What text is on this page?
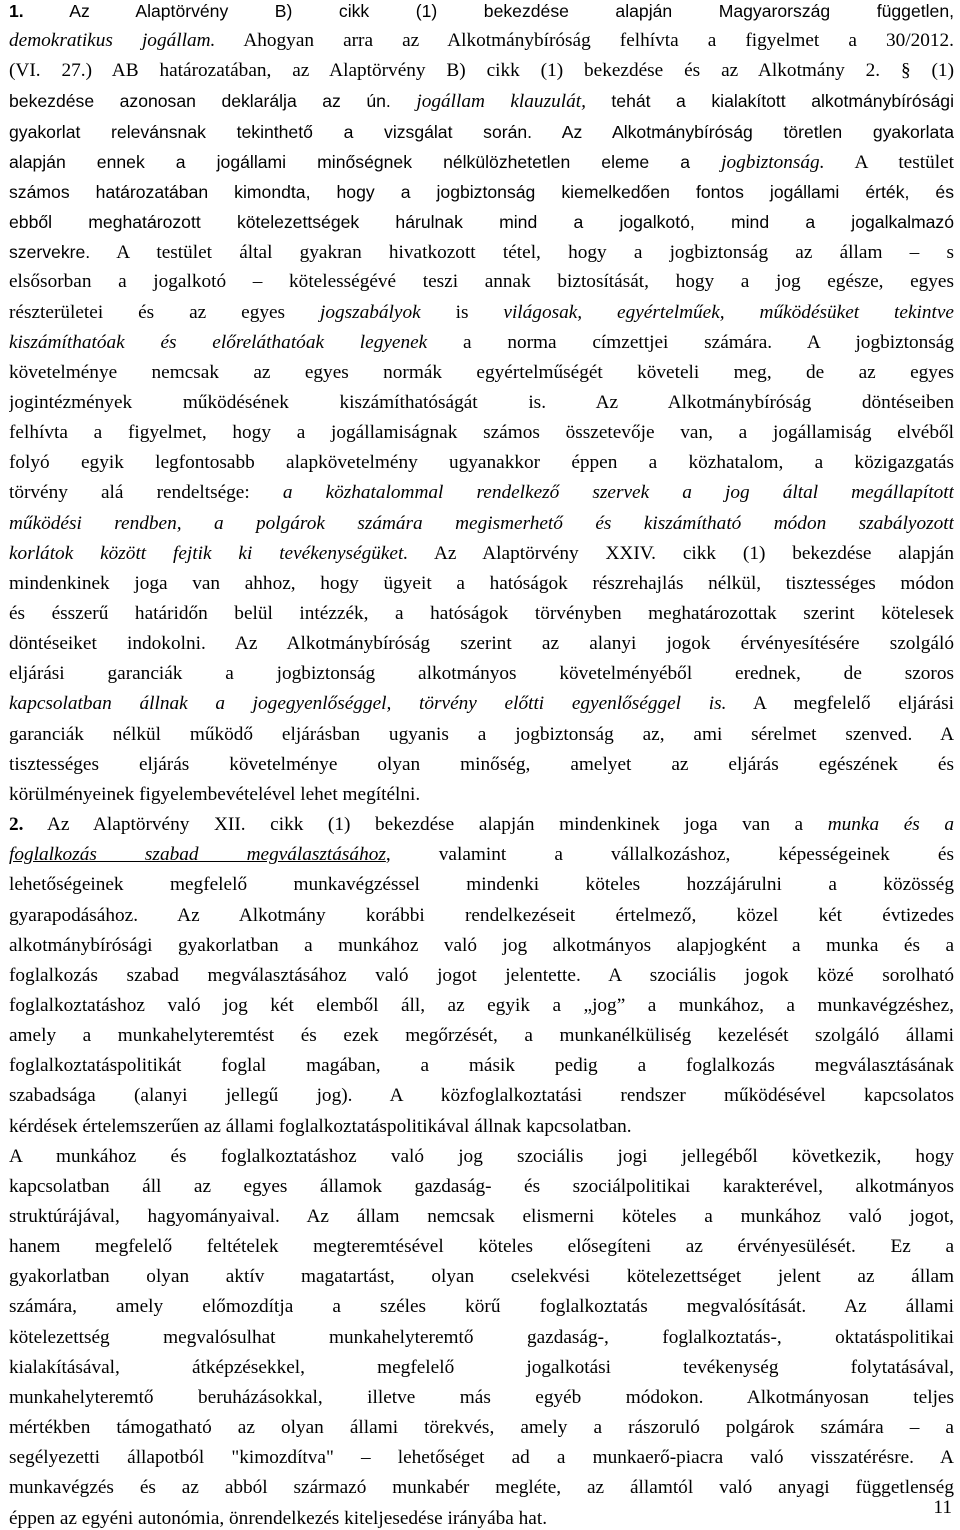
1. Az Alaptörvény B) cikk (1) bekezdése alapján Magyarország független,
demokratikus jogállam. Ahogyan arra az Alkotmánybíróság felhívta a figyelmet a 30/2012.
(VI. 27.) AB határozatában, az Alaptörvény B) cikk (1) bekezdése és az Alkotmány 2. § (1)
bekezdése azonosan deklarálja az ún. jogállam klauzulát, tehát a kialakított alkotmánybírósági
gyakorlat relevánsnak tekinthető a vizsgálat során. Az Alkotmánybíróság töretlen gyakorlata
alapján ennek a jogállami minőségnek nélkülözhetetlen eleme a jogbiztonság. A testület
számos határozatában kimondta, hogy a jogbiztonság kiemelkedően fontos jogállami érték, és
ebből meghatározott kötelezettségek hárulnak mind a jogalkotó, mind a jogalkalmazó
szervekre. A testület által gyakran hivatkozott tétel, hogy a jogbiztonság az állam – s
elsősorban a jogalkotó – kötelességévé teszi annak biztosítását, hogy a jog egésze, egyes
részterületei és az egyes jogszabályok is világosak, egyértelműek, működésüket tekintve
kiszámíthatóak és előreláthatóak legyenek a norma címzettjei számára. A jogbiztonság
követelménye nemcsak az egyes normák egyértelműségét követeli meg, de az egyes
jogintézmények működésének kiszámíthatóságát is. Az Alkotmánybíróság döntéseiben
felhívta a figyelmet, hogy a jogállamiságnak számos összetevője van, a jogállamiság elvéből
folyó egyik legfontosabb alapkövetelmény ugyanakkor éppen a közhatalom, a közigazgatás
törvény alá rendeltsége: a közhatalommal rendelkező szervek a jog által megállapított
működési rendben, a polgárok számára megismerhető és kiszámítható módon szabályozott
korlátok között fejtik ki tevékenységüket. Az Alaptörvény XXIV. cikk (1) bekezdése alapján
mindenkinek joga van ahhoz, hogy ügyeit a hatóságok részrehajlás nélkül, tisztességes módon
és ésszerű határidőn belül intézzék, a hatóságok törvényben meghatározottak szerint kötelesek
döntéseiket indokolni. Az Alkotmánybíróság szerint az alanyi jogok érvényesítésére szolgáló
eljárási garanciák a jogbiztonság alkotmányos követelményéből erednek, de szoros
kapcsolatban állnak a jogegyenlőséggel, törvény előtti egyenlőséggel is. A megfelelő eljárási
garanciák nélkül működő eljárásban ugyanis a jogbiztonság az, ami sérelmet szenved. A
tisztességes eljárás követelménye olyan minőség, amelyet az eljárás egészének és
körülményeinek figyelembevételével lehet megítélni.
2. Az Alaptörvény XII. cikk (1) bekezdése alapján mindenkinek joga van a munka és a
foglalkozás szabad megválasztásához, valamint a vállalkozáshoz, képességeinek és
lehetőségeinek megfelelő munkavégzéssel mindenki köteles hozzájárulni a közösség
gyarapodásához. Az Alkotmány korábbi rendelkezéseit értelmező, közel két évtizedes
alkotmánybírósági gyakorlatban a munkához való jog alkotmányos alapjogként a munka és a
foglalkozás szabad megválasztásához való jogot jelentette. A szociális jogok közé sorolható
foglalkoztatáshoz való jog két elemből áll, az egyik a „jog” a munkához, a munkavégzéshez,
amely a munkahelyteremtést és ezek megőrzését, a munkanélküliség kezelését szolgáló állami
foglalkoztatáspolitikát foglal magában, a másik pedig a foglalkozás megválasztásának
szabadsága (alanyi jellegű jog). A közfoglalkoztatási rendszer működésével kapcsolatos
kérdések értelemszerűen az állami foglalkoztatáspolitikával állnak kapcsolatban.
A munkához és foglalkoztatáshoz való jog szociális jogi jellegéből következik, hogy
kapcsolatban áll az egyes államok gazdaság- és szociálpolitikai karakterével, alkotmányos
struktúrájával, hagyományaival. Az állam nemcsak elismerni köteles a munkához való jogot,
hanem megfelelő feltételek megteremtésével köteles elősegíteni az érvényesülését. Ez a
gyakorlatban olyan aktív magatartást, olyan cselekvési kötelezettséget jelent az állam
számára, amely előmozdítja a széles körű foglalkoztatás megvalósítását. Az állami
kötelezettség megvalósulhat munkahelyteremtő gazdaság-, foglalkoztatás-, oktatáspolitikai
kialakításával, átképzésekkel, megfelelő jogalkotási tevékenység folytatásával,
munkahelyteremtő beruházásokkal, illetve más egyéb módokon. Alkotmányosan teljes
mértékben támogatható az olyan állami törekvés, amely a rászoruló polgárok számára – a
segélyezetti állapotból "kimozdítva" – lehetőséget ad a munkaerő-piacra való visszatérésre. A
munkavégzés és az abból származó munkabér megléte, az államtól való anyagi függetlenség
éppen az egyéni autonómia, önrendelkezés kiteljesedése irányába hat.	11
